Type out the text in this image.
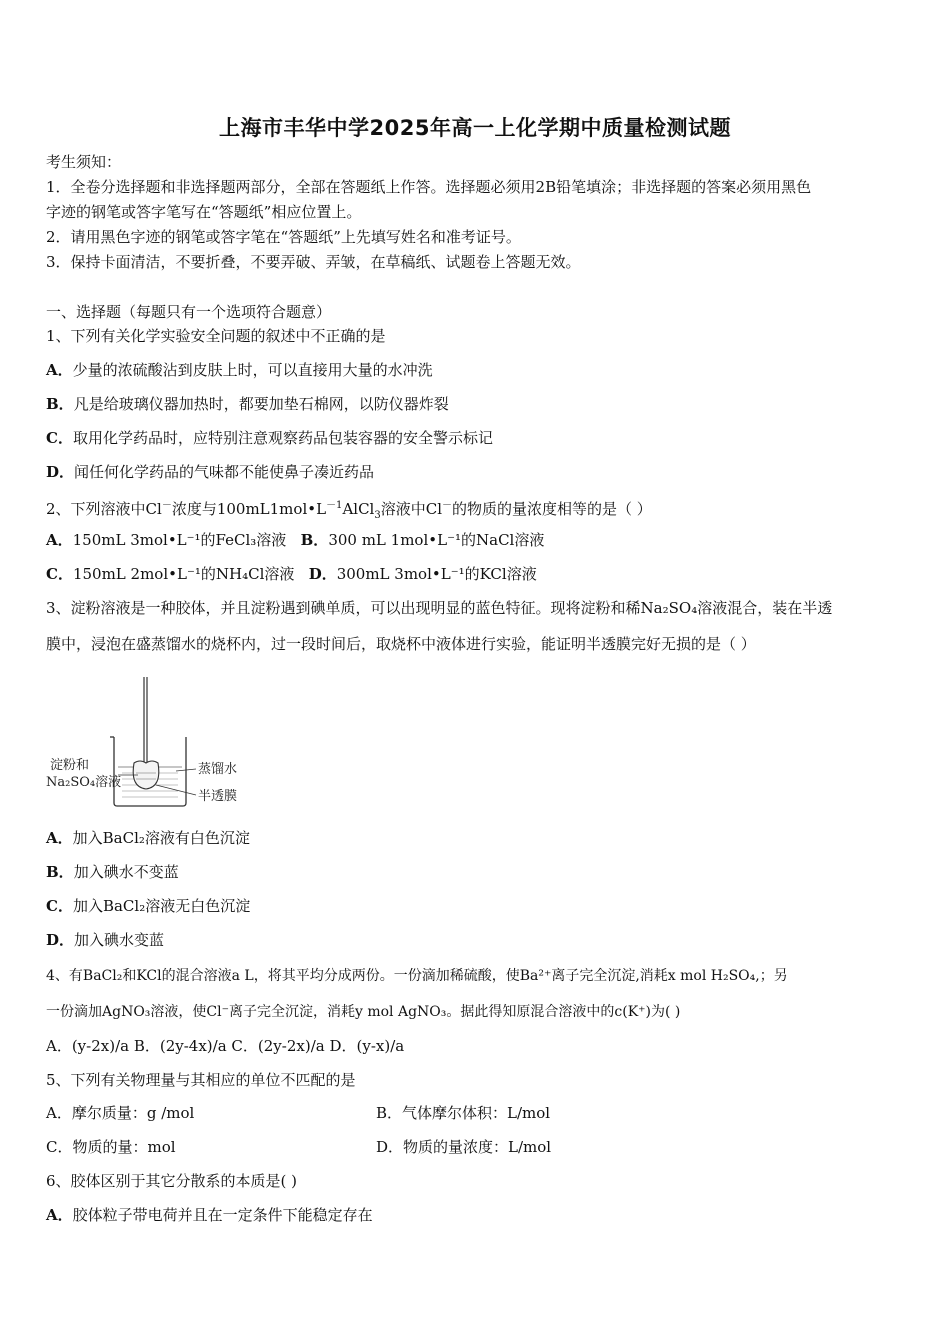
上海市丰华中学2025年高一上化学期中质量检测试题
考生须知：
1．全卷分选择题和非选择题两部分，全部在答题纸上作答。选择题必须用2B铅笔填涂；非选择题的答案必须用黑色
字迹的钢笔或答字笔写在“答题纸”相应位置上。
2．请用黑色字迹的钢笔或答字笔在“答题纸”上先填写姓名和准考证号。
3．保持卡面清洁，不要折叠，不要弄破、弄皱，在草稿纸、试题卷上答题无效。
一、选择题（每题只有一个选项符合题意）
1、下列有关化学实验安全问题的叙述中不正确的是
A．少量的浓硫酸沾到皮肤上时，可以直接用大量的水冲洗
B．凡是给玻璃仪器加热时，都要加垫石棉网，以防仪器炸裂
C．取用化学药品时，应特别注意观察药品包装容器的安全警示标记
D．闻任何化学药品的气味都不能使鼻子凑近药品
2、下列溶液中Cl－浓度与$100mL1mol•L^{-1}AlCl_3$溶液中Cl－的物质的量浓度相等的是（ ）
A．150mL 3mol•L⁻¹的FeCl₃溶液 B．300 mL 1mol•L⁻¹的NaCl溶液
C．150mL 2mol•L⁻¹的NH₄Cl溶液 D．300mL 3mol•L⁻¹的KCl溶液
3、淀粉溶液是一种胶体，并且淀粉遇到碘单质，可以出现明显的蓝色特征。现将淀粉和稀Na₂SO₄溶液混合，装在半透
膜中，浸泡在盛蒸馏水的烧杯内，过一段时间后，取烧杯中液体进行实验，能证明半透膜完好无损的是（ ）
淀粉和
Na₂SO₄溶液
蒸馏水
半透膜
A．加入BaCl₂溶液有白色沉淀
B．加入碘水不变蓝
C．加入BaCl₂溶液无白色沉淀
D．加入碘水变蓝
4、有BaCl₂和KCl的混合溶液a L，将其平均分成两份。一份滴加稀硫酸，使Ba²⁺离子完全沉淀,消耗x mol H₂SO₄,；另
一份滴加AgNO₃溶液，使Cl⁻离子完全沉淀，消耗y mol AgNO₃。据此得知原混合溶液中的c(K⁺)为( )
A．(y-2x)/a B．(2y-4x)/a C．(2y-2x)/a D．(y-x)/a
5、下列有关物理量与其相应的单位不匹配的是
A．摩尔质量：g /mol	B．气体摩尔体积：L/mol
C．物质的量：mol	D．物质的量浓度：L/mol
6、胶体区别于其它分散系的本质是( )
A．胶体粒子带电荷并且在一定条件下能稳定存在
